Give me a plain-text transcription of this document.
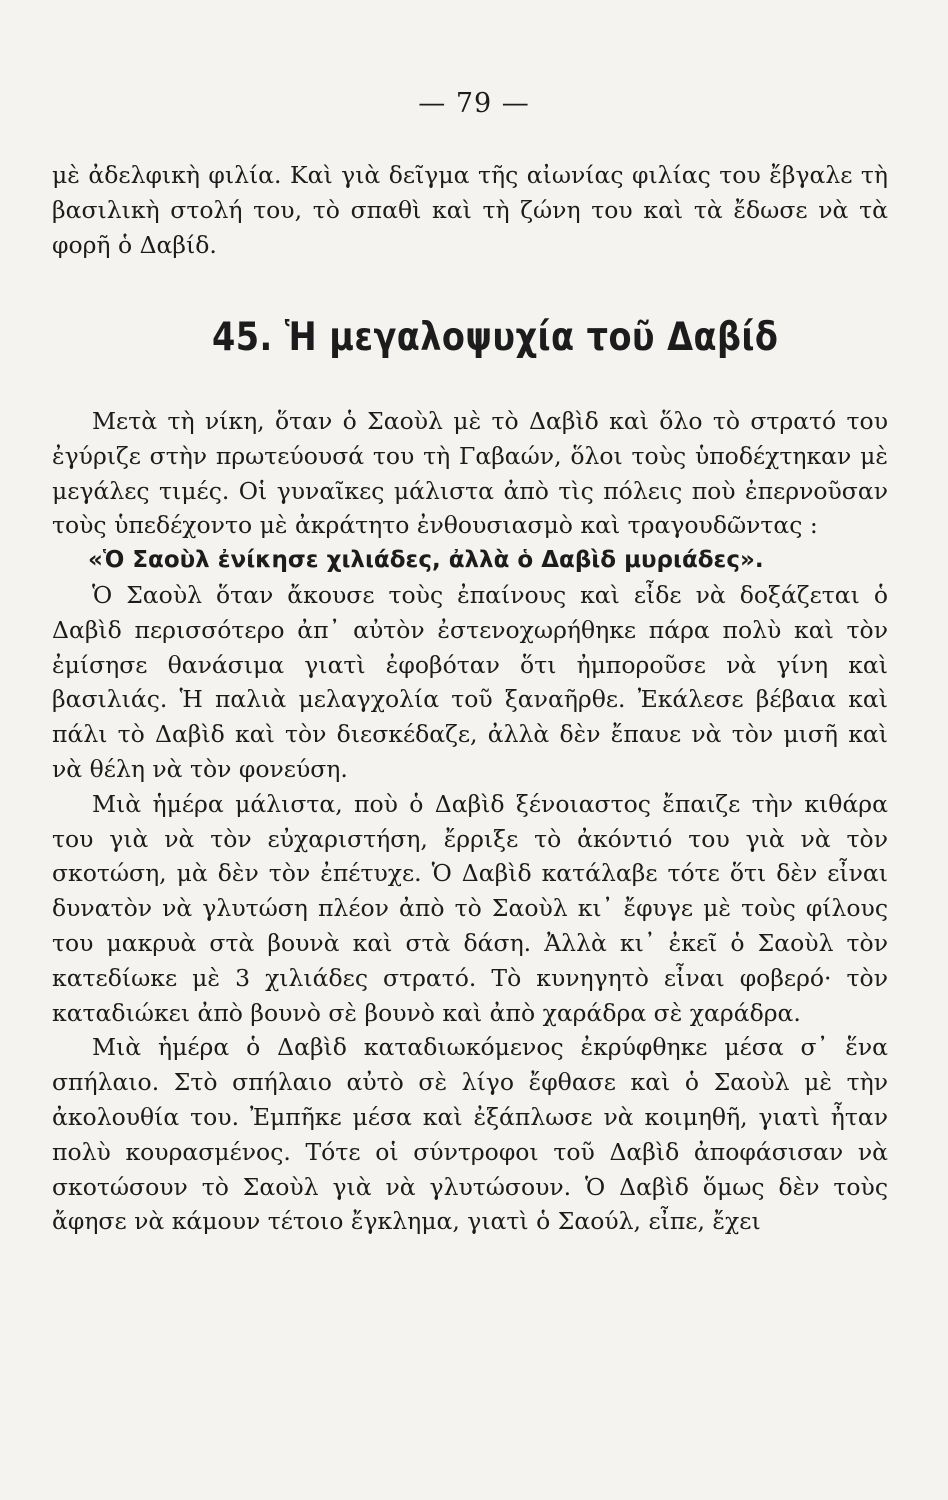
— 79 —

μὲ ἀδελφικὴ φιλία. Καὶ γιὰ δεῖγμα τῆς αἰωνίας φιλίας του ἔβγαλε τὴ βασιλικὴ στολή του, τὸ σπαθὶ καὶ τὴ ζώνη του καὶ τὰ ἔδωσε νὰ τὰ φορῆ ὁ Δαβίδ.

45. Ἡ μεγαλοψυχία τοῦ Δαβίδ

Μετὰ τὴ νίκη, ὅταν ὁ Σαοὺλ μὲ τὸ Δαβὶδ καὶ ὅλο τὸ στρατό του ἐγύριζε στὴν πρωτεύουσά του τὴ Γαβαών, ὅλοι τοὺς ὑποδέχτηκαν μὲ μεγάλες τιμές. Οἱ γυναῖκες μάλιστα ἀπὸ τὶς πόλεις ποὺ ἐπερνοῦσαν τοὺς ὑπεδέχοντο μὲ ἀκράτητο ἐνθουσιασμὸ καὶ τραγουδῶντας :

«Ὁ Σαοὺλ ἐνίκησε χιλιάδες, ἀλλὰ ὁ Δαβὶδ μυριάδες».

Ὁ Σαοὺλ ὅταν ἄκουσε τοὺς ἐπαίνους καὶ εἶδε νὰ δοξάζεται ὁ Δαβὶδ περισσότερο ἀπ᾿ αὐτὸν ἐστενοχωρήθηκε πάρα πολὺ καὶ τὸν ἐμίσησε θανάσιμα γιατὶ ἐφοβόταν ὅτι ἠμποροῦσε νὰ γίνη καὶ βασιλιάς. Ἡ παλιὰ μελαγχολία τοῦ ξαναῆρθε. Ἐκάλεσε βέβαια καὶ πάλι τὸ Δαβὶδ καὶ τὸν διεσκέδαζε, ἀλλὰ δὲν ἔπαυε νὰ τὸν μισῆ καὶ νὰ θέλη νὰ τὸν φονεύση.

Μιὰ ἡμέρα μάλιστα, ποὺ ὁ Δαβὶδ ξένοιαστος ἔπαιζε τὴν κιθάρα του γιὰ νὰ τὸν εὐχαριστήση, ἔρριξε τὸ ἀκόντιό του γιὰ νὰ τὸν σκοτώση, μὰ δὲν τὸν ἐπέτυχε. Ὁ Δαβὶδ κατάλαβε τότε ὅτι δὲν εἶναι δυνατὸν νὰ γλυτώση πλέον ἀπὸ τὸ Σαοὺλ κι᾿ ἔφυγε μὲ τοὺς φίλους του μακρυὰ στὰ βουνὰ καὶ στὰ δάση. Ἀλλὰ κι᾿ ἐκεῖ ὁ Σαοὺλ τὸν κατεδίωκε μὲ 3 χιλιάδες στρατό. Τὸ κυνηγητὸ εἶναι φοβερό· τὸν καταδιώκει ἀπὸ βουνὸ σὲ βουνὸ καὶ ἀπὸ χαράδρα σὲ χαράδρα.

Μιὰ ἡμέρα ὁ Δαβὶδ καταδιωκόμενος ἐκρύφθηκε μέσα σ᾿ ἕνα σπήλαιο. Στὸ σπήλαιο αὐτὸ σὲ λίγο ἔφθασε καὶ ὁ Σαοὺλ μὲ τὴν ἀκολουθία του. Ἐμπῆκε μέσα καὶ ἐξάπλωσε νὰ κοιμηθῆ, γιατὶ ἦταν πολὺ κουρασμένος. Τότε οἱ σύντροφοι τοῦ Δαβὶδ ἀποφάσισαν νὰ σκοτώσουν τὸ Σαοὺλ γιὰ νὰ γλυτώσουν. Ὁ Δαβὶδ ὅμως δὲν τοὺς ἄφησε νὰ κάμουν τέτοιο ἔγκλημα, γιατὶ ὁ Σαούλ, εἶπε, ἔχει
